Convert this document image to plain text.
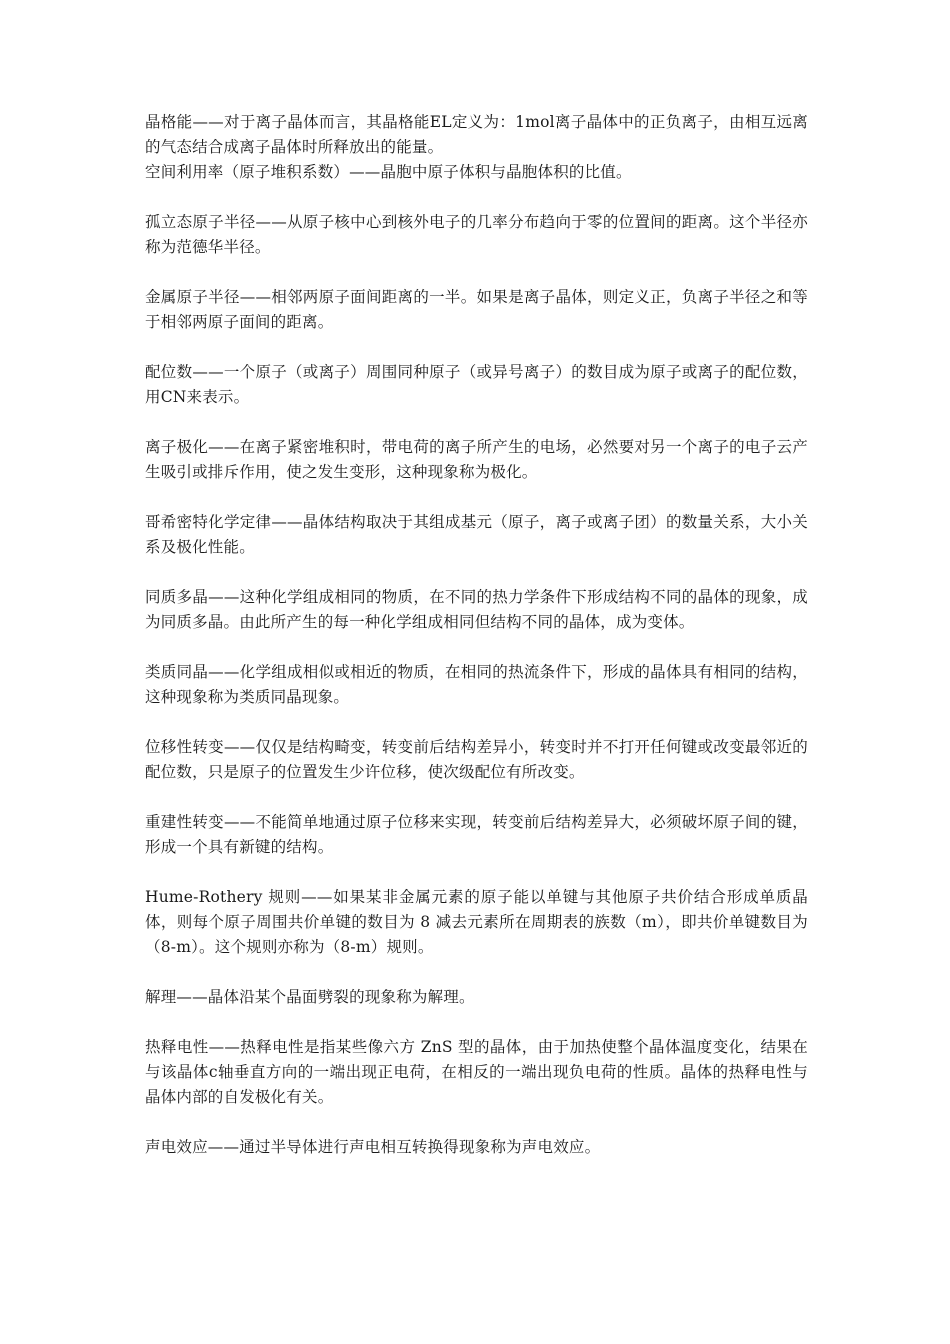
晶格能——对于离子晶体而言，其晶格能EL定义为：1mol离子晶体中的正负离子，由相互远离的气态结合成离子晶体时所释放出的能量。

空间利用率（原子堆积系数）——晶胞中原子体积与晶胞体积的比值。

孤立态原子半径——从原子核中心到核外电子的几率分布趋向于零的位置间的距离。这个半径亦称为范德华半径。

金属原子半径——相邻两原子面间距离的一半。如果是离子晶体，则定义正，负离子半径之和等于相邻两原子面间的距离。

配位数——一个原子（或离子）周围同种原子（或异号离子）的数目成为原子或离子的配位数，用CN来表示。

离子极化——在离子紧密堆积时，带电荷的离子所产生的电场，必然要对另一个离子的电子云产生吸引或排斥作用，使之发生变形，这种现象称为极化。

哥希密特化学定律——晶体结构取决于其组成基元（原子，离子或离子团）的数量关系，大小关系及极化性能。

同质多晶——这种化学组成相同的物质，在不同的热力学条件下形成结构不同的晶体的现象，成为同质多晶。由此所产生的每一种化学组成相同但结构不同的晶体，成为变体。

类质同晶——化学组成相似或相近的物质，在相同的热流条件下，形成的晶体具有相同的结构，这种现象称为类质同晶现象。

位移性转变——仅仅是结构畸变，转变前后结构差异小，转变时并不打开任何键或改变最邻近的配位数，只是原子的位置发生少许位移，使次级配位有所改变。

重建性转变——不能简单地通过原子位移来实现，转变前后结构差异大，必须破坏原子间的键，形成一个具有新键的结构。

Hume-Rothery 规则——如果某非金属元素的原子能以单键与其他原子共价结合形成单质晶体，则每个原子周围共价单键的数目为 8 减去元素所在周期表的族数（m），即共价单键数目为（8-m）。这个规则亦称为（8-m）规则。

解理——晶体沿某个晶面劈裂的现象称为解理。

热释电性——热释电性是指某些像六方 ZnS 型的晶体，由于加热使整个晶体温度变化，结果在与该晶体c轴垂直方向的一端出现正电荷，在相反的一端出现负电荷的性质。晶体的热释电性与晶体内部的自发极化有关。

声电效应——通过半导体进行声电相互转换得现象称为声电效应。
